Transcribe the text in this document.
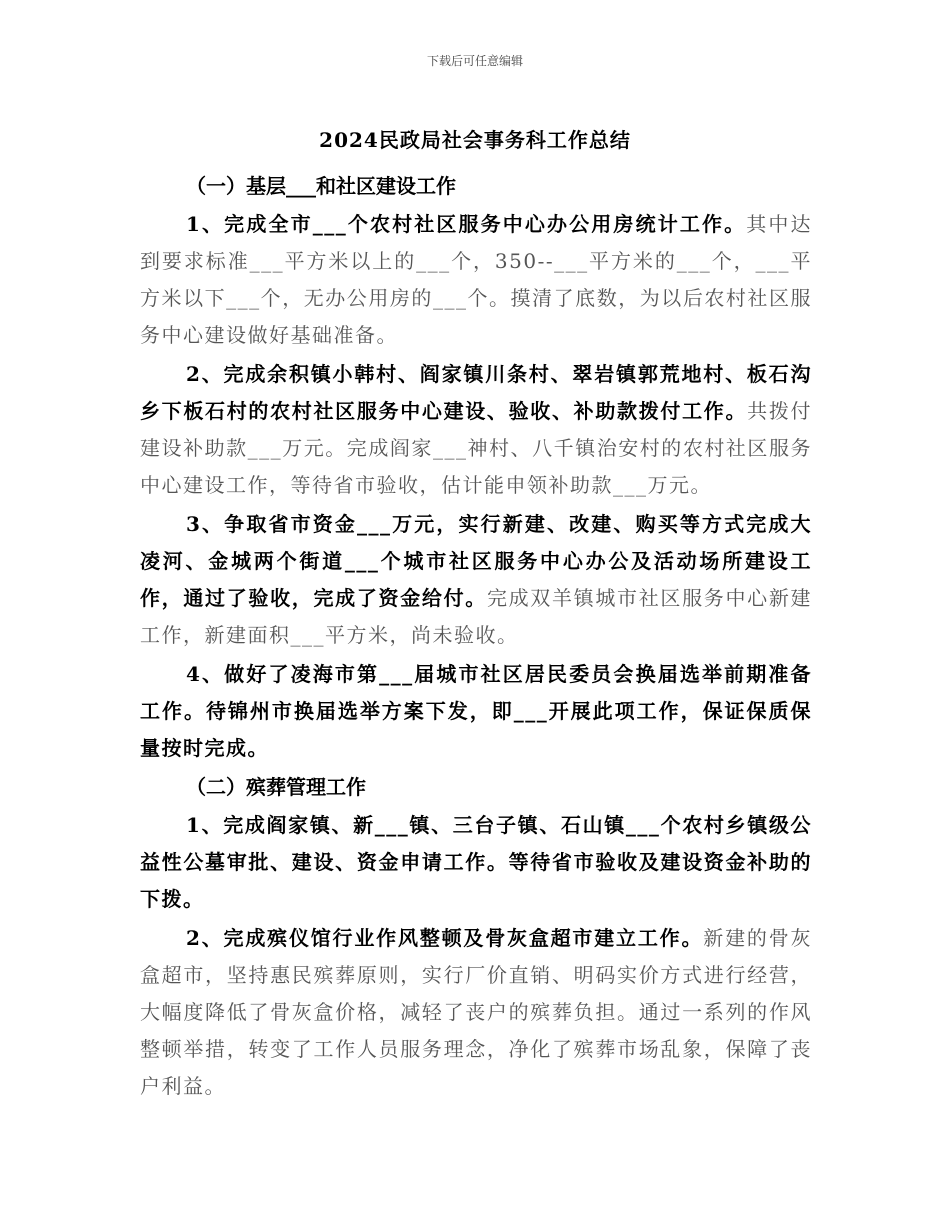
下载后可任意编辑
2024民政局社会事务科工作总结
（一）基层___和社区建设工作

1、完成全市___个农村社区服务中心办公用房统计工作。其中达到要求标准___平方米以上的___个，350--___平方米的___个，___平方米以下___个，无办公用房的___个。摸清了底数，为以后农村社区服务中心建设做好基础准备。

2、完成余积镇小韩村、阎家镇川条村、翠岩镇郭荒地村、板石沟乡下板石村的农村社区服务中心建设、验收、补助款拨付工作。共拨付建设补助款___万元。完成阎家___神村、八千镇治安村的农村社区服务中心建设工作，等待省市验收，估计能申领补助款___万元。

3、争取省市资金___万元，实行新建、改建、购买等方式完成大凌河、金城两个街道___个城市社区服务中心办公及活动场所建设工作，通过了验收，完成了资金给付。完成双羊镇城市社区服务中心新建工作，新建面积___平方米，尚未验收。

4、做好了凌海市第___届城市社区居民委员会换届选举前期准备工作。待锦州市换届选举方案下发，即___开展此项工作，保证保质保量按时完成。

（二）殡葬管理工作

1、完成阎家镇、新___镇、三台子镇、石山镇___个农村乡镇级公益性公墓审批、建设、资金申请工作。等待省市验收及建设资金补助的下拨。

2、完成殡仪馆行业作风整顿及骨灰盒超市建立工作。新建的骨灰盒超市，坚持惠民殡葬原则，实行厂价直销、明码实价方式进行经营，大幅度降低了骨灰盒价格，减轻了丧户的殡葬负担。通过一系列的作风整顿举措，转变了工作人员服务理念，净化了殡葬市场乱象，保障了丧户利益。
